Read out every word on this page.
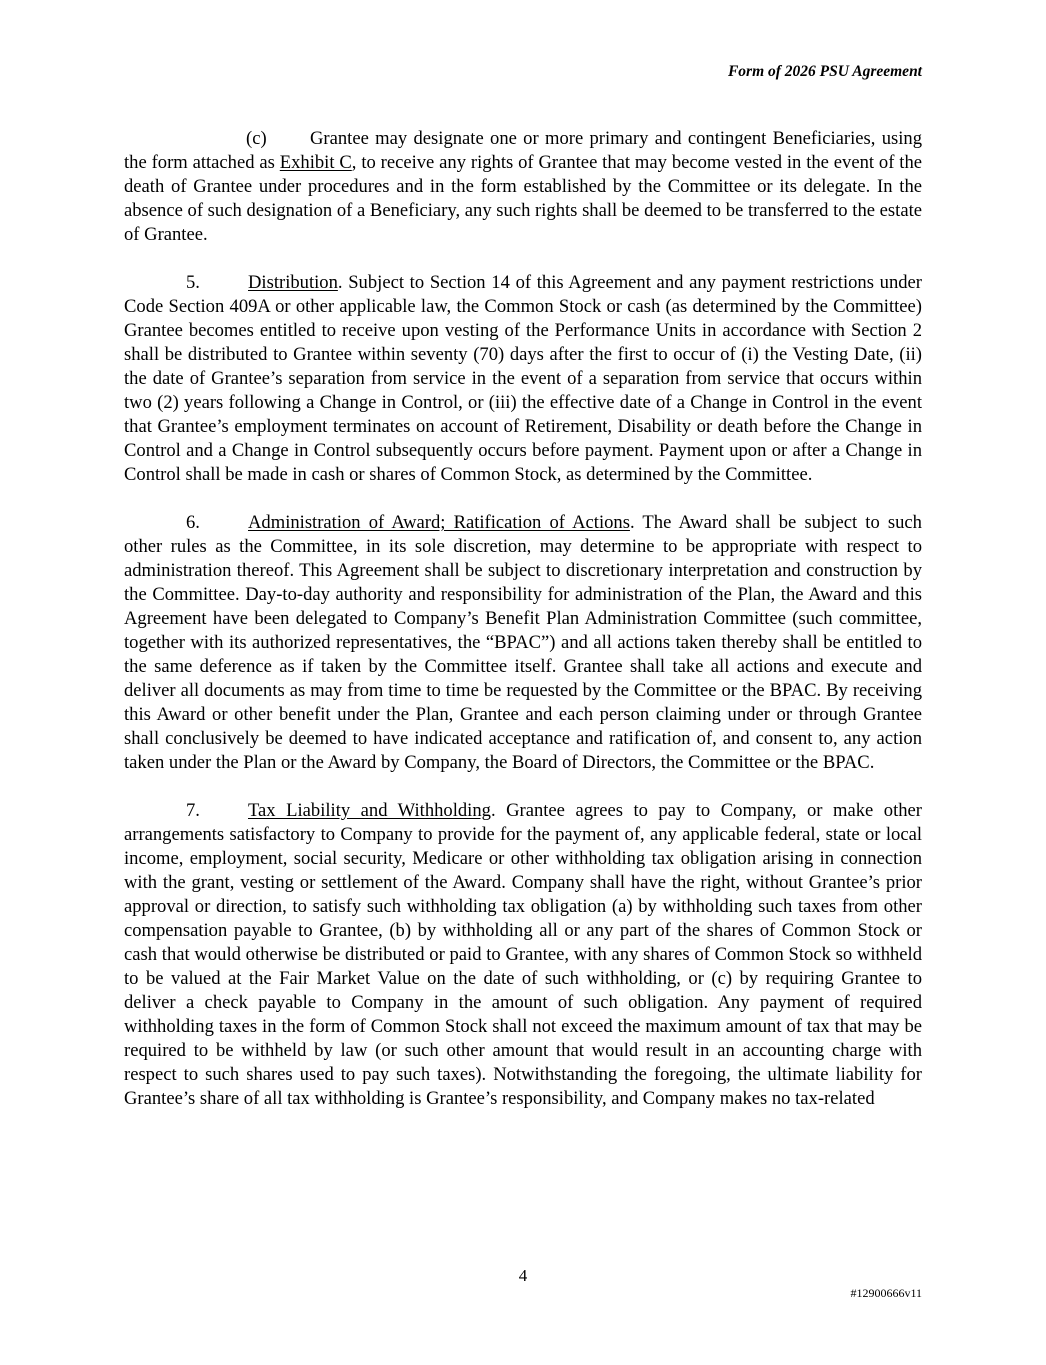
Form of 2026 PSU Agreement

(c) Grantee may designate one or more primary and contingent Beneficiaries, using the form attached as Exhibit C, to receive any rights of Grantee that may become vested in the event of the death of Grantee under procedures and in the form established by the Committee or its delegate. In the absence of such designation of a Beneficiary, any such rights shall be deemed to be transferred to the estate of Grantee.

5.	Distribution. Subject to Section 14 of this Agreement and any payment restrictions under Code Section 409A or other applicable law, the Common Stock or cash (as determined by the Committee) Grantee becomes entitled to receive upon vesting of the Performance Units in accordance with Section 2 shall be distributed to Grantee within seventy (70) days after the first to occur of (i) the Vesting Date, (ii) the date of Grantee’s separation from service in the event of a separation from service that occurs within two (2) years following a Change in Control, or (iii) the effective date of a Change in Control in the event that Grantee’s employment terminates on account of Retirement, Disability or death before the Change in Control and a Change in Control subsequently occurs before payment. Payment upon or after a Change in Control shall be made in cash or shares of Common Stock, as determined by the Committee.

6.	Administration of Award; Ratification of Actions. The Award shall be subject to such other rules as the Committee, in its sole discretion, may determine to be appropriate with respect to administration thereof. This Agreement shall be subject to discretionary interpretation and construction by the Committee. Day-to-day authority and responsibility for administration of the Plan, the Award and this Agreement have been delegated to Company’s Benefit Plan Administration Committee (such committee, together with its authorized representatives, the “BPAC”) and all actions taken thereby shall be entitled to the same deference as if taken by the Committee itself. Grantee shall take all actions and execute and deliver all documents as may from time to time be requested by the Committee or the BPAC. By receiving this Award or other benefit under the Plan, Grantee and each person claiming under or through Grantee shall conclusively be deemed to have indicated acceptance and ratification of, and consent to, any action taken under the Plan or the Award by Company, the Board of Directors, the Committee or the BPAC.

7.	Tax Liability and Withholding. Grantee agrees to pay to Company, or make other arrangements satisfactory to Company to provide for the payment of, any applicable federal, state or local income, employment, social security, Medicare or other withholding tax obligation arising in connection with the grant, vesting or settlement of the Award. Company shall have the right, without Grantee’s prior approval or direction, to satisfy such withholding tax obligation (a) by withholding such taxes from other compensation payable to Grantee, (b) by withholding all or any part of the shares of Common Stock or cash that would otherwise be distributed or paid to Grantee, with any shares of Common Stock so withheld to be valued at the Fair Market Value on the date of such withholding, or (c) by requiring Grantee to deliver a check payable to Company in the amount of such obligation. Any payment of required withholding taxes in the form of Common Stock shall not exceed the maximum amount of tax that may be required to be withheld by law (or such other amount that would result in an accounting charge with respect to such shares used to pay such taxes). Notwithstanding the foregoing, the ultimate liability for Grantee’s share of all tax withholding is Grantee’s responsibility, and Company makes no tax-related

4
#12900666v11
